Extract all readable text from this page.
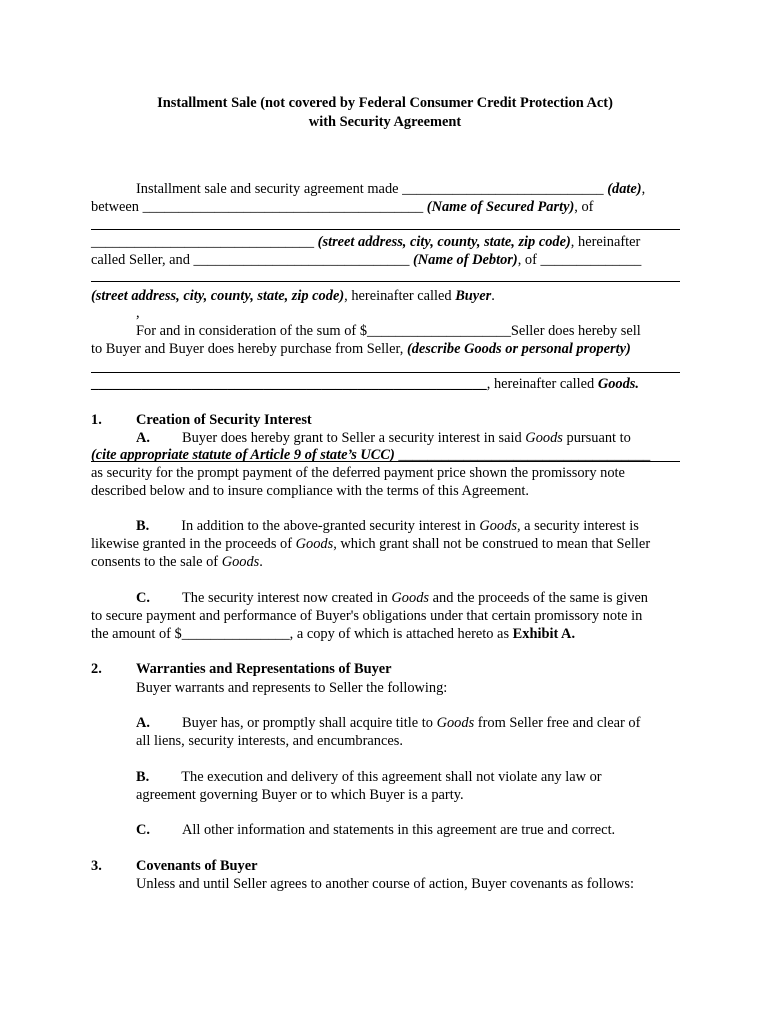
Installment Sale (not covered by Federal Consumer Credit Protection Act)
with Security Agreement
Installment sale and security agreement made ____________________________ (date),
between _______________________________________ (Name of Secured Party), of
_______________________________ (street address, city, county, state, zip code), hereinafter
called Seller, and ______________________________ (Name of Debtor), of ______________
(street address, city, county, state, zip code), hereinafter called Buyer.
,
For and in consideration of the sum of $____________________Seller does hereby sell
to Buyer and Buyer does hereby purchase from Seller, (describe Goods or personal property)
_______________________________________________________, hereinafter called Goods.
1. Creation of Security Interest
A. Buyer does hereby grant to Seller a security interest in said Goods pursuant to
(cite appropriate statute of Article 9 of state’s UCC) ___________________________________
as security for the prompt payment of the deferred payment price shown the promissory note
described below and to insure compliance with the terms of this Agreement.
B. In addition to the above-granted security interest in Goods, a security interest is
likewise granted in the proceeds of Goods, which grant shall not be construed to mean that Seller
consents to the sale of Goods.
C. The security interest now created in Goods and the proceeds of the same is given
to secure payment and performance of Buyer's obligations under that certain promissory note in
the amount of $_______________, a copy of which is attached hereto as Exhibit A.
2. Warranties and Representations of Buyer
Buyer warrants and represents to Seller the following:
A. Buyer has, or promptly shall acquire title to Goods from Seller free and clear of
all liens, security interests, and encumbrances.
B. The execution and delivery of this agreement shall not violate any law or
agreement governing Buyer or to which Buyer is a party.
C. All other information and statements in this agreement are true and correct.
3. Covenants of Buyer
Unless and until Seller agrees to another course of action, Buyer covenants as follows:
